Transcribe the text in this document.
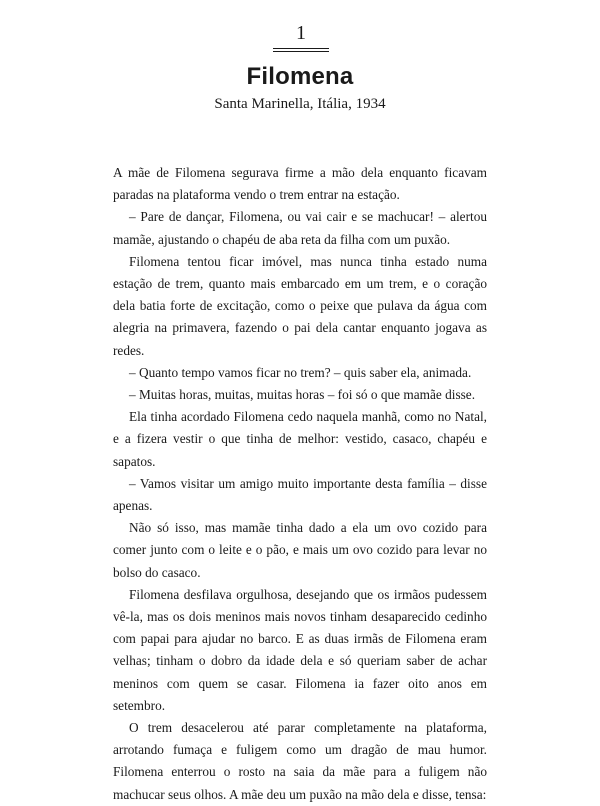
1
Filomena
Santa Marinella, Itália, 1934

A mãe de Filomena segurava firme a mão dela enquanto ficavam paradas na plataforma vendo o trem entrar na estação.

– Pare de dançar, Filomena, ou vai cair e se machucar! – alertou mamãe, ajustando o chapéu de aba reta da filha com um puxão.

Filomena tentou ficar imóvel, mas nunca tinha estado numa estação de trem, quanto mais embarcado em um trem, e o coração dela batia forte de excitação, como o peixe que pulava da água com alegria na primavera, fazendo o pai dela cantar enquanto jogava as redes.

– Quanto tempo vamos ficar no trem? – quis saber ela, animada.

– Muitas horas, muitas, muitas horas – foi só o que mamãe disse.

Ela tinha acordado Filomena cedo naquela manhã, como no Natal, e a fizera vestir o que tinha de melhor: vestido, casaco, chapéu e sapatos.

– Vamos visitar um amigo muito importante desta família – disse apenas.

Não só isso, mas mamãe tinha dado a ela um ovo cozido para comer junto com o leite e o pão, e mais um ovo cozido para levar no bolso do casaco.

Filomena desfilava orgulhosa, desejando que os irmãos pudessem vê-la, mas os dois meninos mais novos tinham desaparecido cedinho com papai para ajudar no barco. E as duas irmãs de Filomena eram velhas; tinham o dobro da idade dela e só queriam saber de achar meninos com quem se casar. Filomena ia fazer oito anos em setembro.

O trem desacelerou até parar completamente na plataforma, arrotando fumaça e fuligem como um dragão de mau humor. Filomena enterrou o rosto na saia da mãe para a fuligem não machucar seus olhos. A mãe deu um puxão na mão dela e disse, tensa:
